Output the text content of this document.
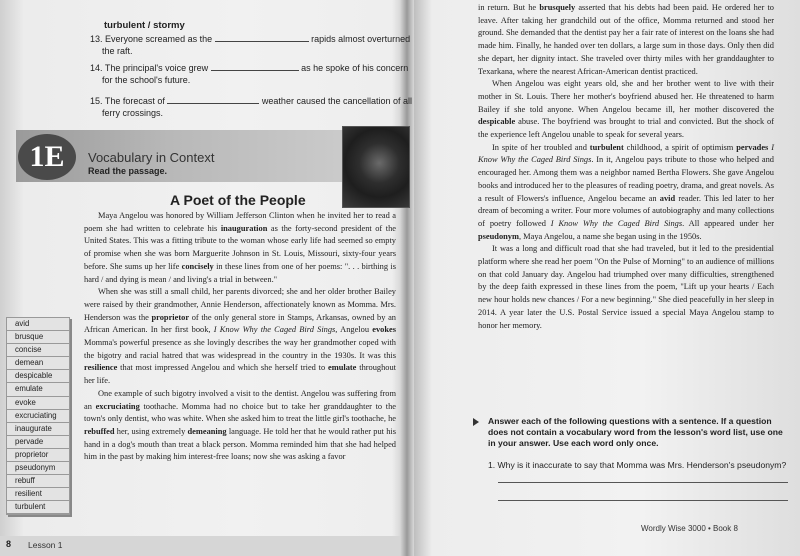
turbulent / stormy
13. Everyone screamed as the	rapids almost overturned
the raft.
14. The principal's voice grew	as he spoke of his concern
for the school's future.
15. The forecast of	weather caused the cancellation of all
ferry crossings.
1E	Vocabulary in Context
Read the passage.
A Poet of the People

Maya Angelou was honored by William Jefferson Clinton when he invited her to read a poem she had written to celebrate his inauguration as the forty-second president of the United States. This was a fitting tribute to the woman whose early life had seemed so empty of promise when she was born Marguerite Johnson in St. Louis, Missouri, sixty-four years before. She sums up her life concisely in these lines from one of her poems: ". . . birthing is hard / and dying is mean / and living's a trial in between."

When she was still a small child, her parents divorced; she and her older brother Bailey were raised by their grandmother, Annie Henderson, affectionately known as Momma. Mrs. Henderson was the proprietor of the only general store in Stamps, Arkansas, owned by an African American. In her first book, I Know Why the Caged Bird Sings, Angelou evokes Momma's powerful presence as she lovingly describes the way her grandmother coped with the bigotry and racial hatred that was widespread in the country in the 1930s. It was this resilience that most impressed Angelou and which she herself tried to emulate throughout her life.

One example of such bigotry involved a visit to the dentist. Angelou was suffering from an excruciating toothache. Momma had no choice but to take her granddaughter to the town's only dentist, who was white. When she asked him to treat the little girl's toothache, he rebuffed her, using extremely demeaning language. He told her that he would rather put his hand in a dog's mouth than treat a black person. Momma reminded him that she had helped him in the past by making him interest-free loans; now she was asking a favor

avid
brusque
concise
demean
despicable
emulate
evoke
excruciating
inaugurate
pervade
proprietor
pseudonym
rebuff
resilient
turbulent
8 Lesson 1

in return. But he brusquely asserted that his debts had been paid. He ordered her to leave. After taking her grandchild out of the office, Momma returned and stood her ground. She demanded that the dentist pay her a fair rate of interest on the loans she had made him. Finally, he handed over ten dollars, a large sum in those days. Only then did she depart, her dignity intact. She traveled over thirty miles with her granddaughter to Texarkana, where the nearest African-American dentist practiced.

When Angelou was eight years old, she and her brother went to live with their mother in St. Louis. There her mother's boyfriend abused her. He threatened to harm Bailey if she told anyone. When Angelou became ill, her mother discovered the despicable abuse. The boyfriend was brought to trial and convicted. But the shock of the experience left Angelou unable to speak for several years.

In spite of her troubled and turbulent childhood, a spirit of optimism pervades I Know Why the Caged Bird Sings. In it, Angelou pays tribute to those who helped and encouraged her. Among them was a neighbor named Bertha Flowers. She gave Angelou books and introduced her to the pleasures of reading poetry, drama, and great novels. As a result of Flowers's influence, Angelou became an avid reader. This led later to her dream of becoming a writer. Four more volumes of autobiography and many collections of poetry followed I Know Why the Caged Bird Sings. All appeared under her pseudonym, Maya Angelou, a name she began using in the 1950s.

It was a long and difficult road that she had traveled, but it led to the presidential platform where she read her poem "On the Pulse of Morning" to an audience of millions on that cold January day. Angelou had triumphed over many difficulties, strengthened by the deep faith expressed in these lines from the poem, "Lift up your hearts / Each new hour holds new chances / For a new beginning." She died peacefully in her sleep in 2014. A year later the U.S. Postal Service issued a special Maya Angelou stamp to honor her memory.

Answer each of the following questions with a sentence. If a question does not contain a vocabulary word from the lesson's word list, use one in your answer. Use each word only once.
1. Why is it inaccurate to say that Momma was Mrs. Henderson's pseudonym?
Wordly Wise 3000 • Book 8
